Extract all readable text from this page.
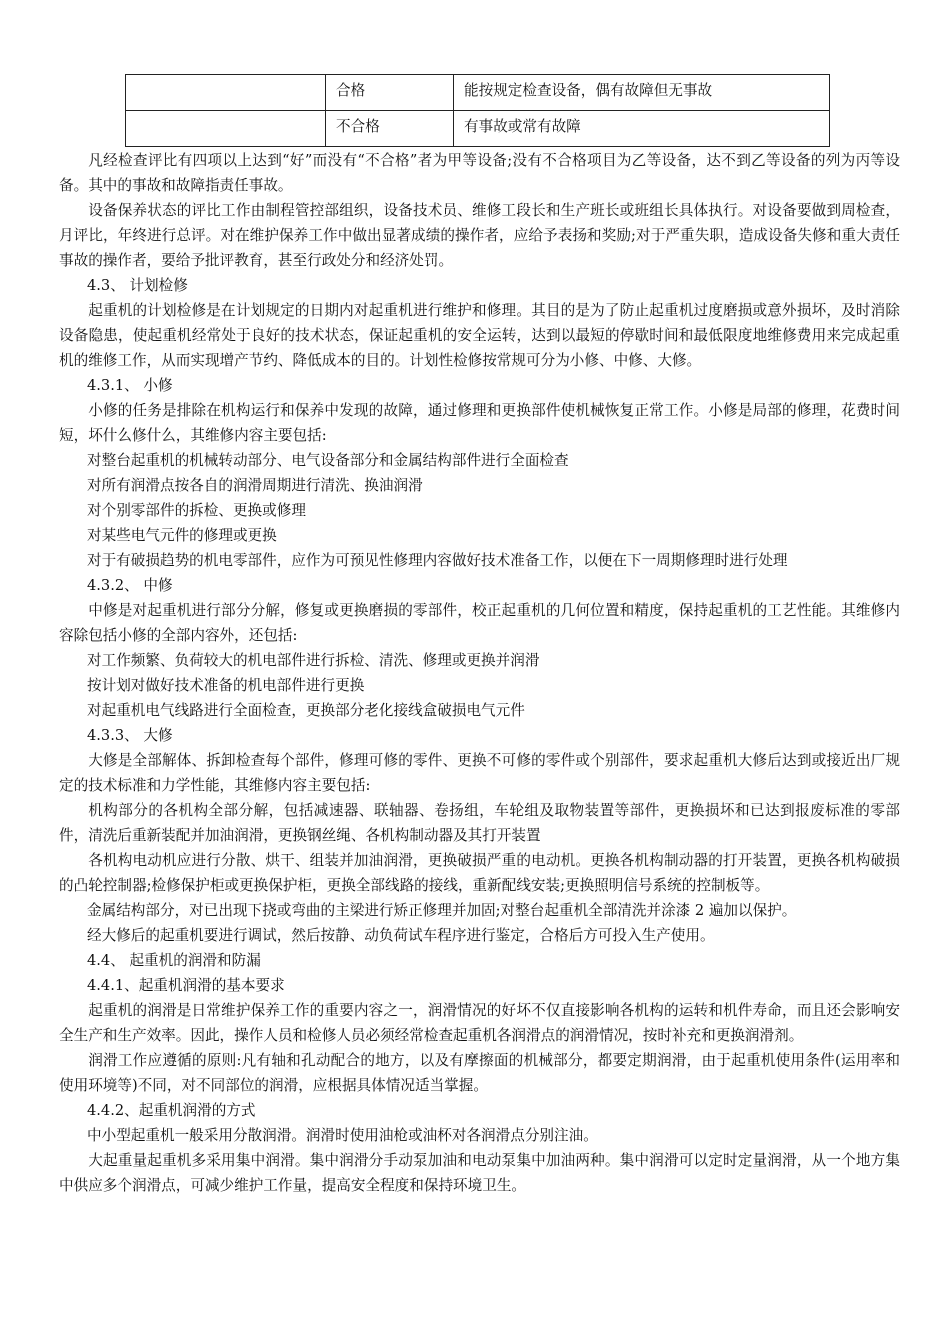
	合格	能按规定检查设备，偶有故障但无事故
	不合格	有事故或常有故障

凡经检查评比有四项以上达到“好”而没有“不合格”者为甲等设备;没有不合格项目为乙等设备，达不到乙等设备的列为丙等设备。其中的事故和故障指责任事故。

设备保养状态的评比工作由制程管控部组织，设备技术员、维修工段长和生产班长或班组长具体执行。对设备要做到周检查，月评比，年终进行总评。对在维护保养工作中做出显著成绩的操作者，应给予表扬和奖励;对于严重失职，造成设备失修和重大责任事故的操作者，要给予批评教育，甚至行政处分和经济处罚。

4.3、 计划检修

起重机的计划检修是在计划规定的日期内对起重机进行维护和修理。其目的是为了防止起重机过度磨损或意外损坏，及时消除设备隐患，使起重机经常处于良好的技术状态，保证起重机的安全运转，达到以最短的停歇时间和最低限度地维修费用来完成起重机的维修工作，从而实现增产节约、降低成本的目的。计划性检修按常规可分为小修、中修、大修。

4.3.1、 小修

小修的任务是排除在机构运行和保养中发现的故障，通过修理和更换部件使机械恢复正常工作。小修是局部的修理，花费时间短，坏什么修什么，其维修内容主要包括:

对整台起重机的机械转动部分、电气设备部分和金属结构部件进行全面检查

对所有润滑点按各自的润滑周期进行清洗、换油润滑

对个别零部件的拆检、更换或修理

对某些电气元件的修理或更换

对于有破损趋势的机电零部件，应作为可预见性修理内容做好技术准备工作，以便在下一周期修理时进行处理

4.3.2、 中修

中修是对起重机进行部分分解，修复或更换磨损的零部件，校正起重机的几何位置和精度，保持起重机的工艺性能。其维修内容除包括小修的全部内容外，还包括:

对工作频繁、负荷较大的机电部件进行拆检、清洗、修理或更换并润滑

按计划对做好技术准备的机电部件进行更换

对起重机电气线路进行全面检查，更换部分老化接线盒破损电气元件

4.3.3、 大修

大修是全部解体、拆卸检查每个部件，修理可修的零件、更换不可修的零件或个别部件，要求起重机大修后达到或接近出厂规定的技术标准和力学性能，其维修内容主要包括:

机构部分的各机构全部分解，包括减速器、联轴器、卷扬组，车轮组及取物装置等部件，更换损坏和已达到报废标准的零部件，清洗后重新装配并加油润滑，更换钢丝绳、各机构制动器及其打开装置

各机构电动机应进行分散、烘干、组装并加油润滑，更换破损严重的电动机。更换各机构制动器的打开装置，更换各机构破损的凸轮控制器;检修保护柜或更换保护柜，更换全部线路的接线，重新配线安装;更换照明信号系统的控制板等。

金属结构部分，对已出现下挠或弯曲的主梁进行矫正修理并加固;对整台起重机全部清洗并涂漆 2 遍加以保护。

经大修后的起重机要进行调试，然后按静、动负荷试车程序进行鉴定，合格后方可投入生产使用。

4.4、 起重机的润滑和防漏

4.4.1、起重机润滑的基本要求

起重机的润滑是日常维护保养工作的重要内容之一，润滑情况的好坏不仅直接影响各机构的运转和机件寿命，而且还会影响安全生产和生产效率。因此，操作人员和检修人员必须经常检查起重机各润滑点的润滑情况，按时补充和更换润滑剂。

润滑工作应遵循的原则:凡有轴和孔动配合的地方，以及有摩擦面的机械部分，都要定期润滑，由于起重机使用条件(运用率和使用环境等)不同，对不同部位的润滑，应根据具体情况适当掌握。

4.4.2、起重机润滑的方式

中小型起重机一般采用分散润滑。润滑时使用油枪或油杯对各润滑点分别注油。

大起重量起重机多采用集中润滑。集中润滑分手动泵加油和电动泵集中加油两种。集中润滑可以定时定量润滑，从一个地方集中供应多个润滑点，可减少维护工作量，提高安全程度和保持环境卫生。
